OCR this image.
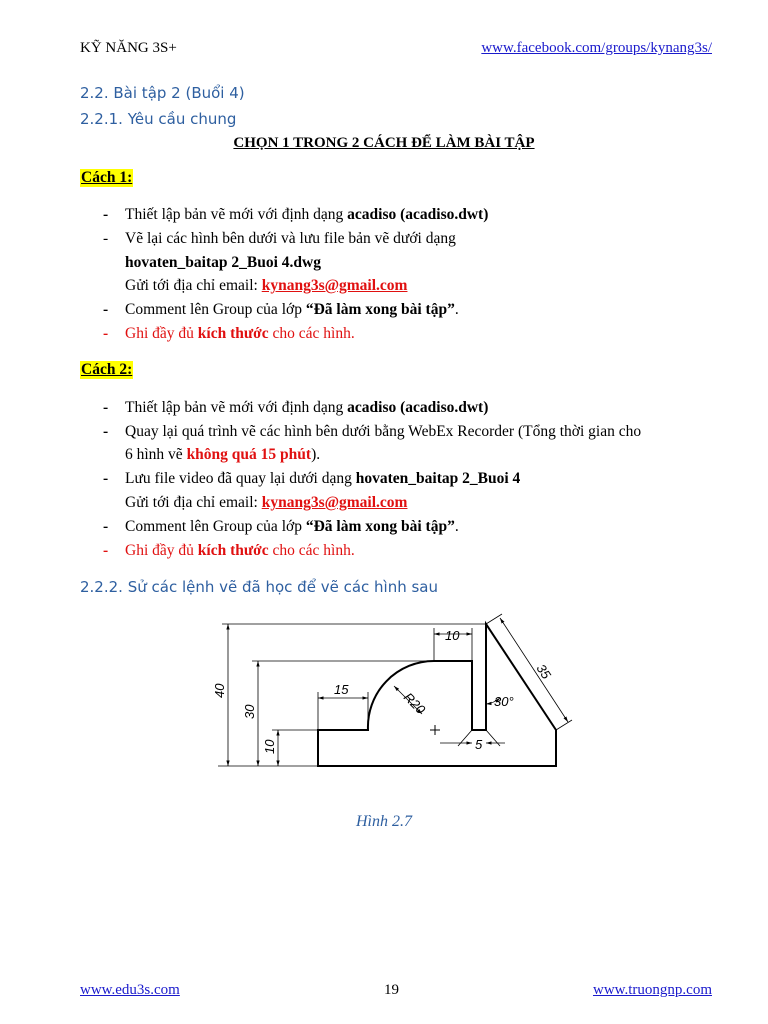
KỸ NĂNG 3S+	www.facebook.com/groups/kynang3s/
2.2. Bài tập 2 (Buổi 4)
2.2.1. Yêu cầu chung
CHỌN 1 TRONG 2 CÁCH ĐỂ LÀM BÀI TẬP
Cách 1:
- Thiết lập bản vẽ mới với định dạng acadiso (acadiso.dwt)
- Vẽ lại các hình bên dưới và lưu file bản vẽ dưới dạng
hovaten_baitap 2_Buoi 4.dwg
Gửi tới địa chỉ email: kynang3s@gmail.com
- Comment lên Group của lớp “Đã làm xong bài tập”.
- Ghi đầy đủ kích thước cho các hình.
Cách 2:
- Thiết lập bản vẽ mới với định dạng acadiso (acadiso.dwt)
- Quay lại quá trình vẽ các hình bên dưới bằng WebEx Recorder (Tổng thời gian cho
6 hình vẽ không quá 15 phút).
- Lưu file video đã quay lại dưới dạng hovaten_baitap 2_Buoi 4
Gửi tới địa chỉ email: kynang3s@gmail.com
- Comment lên Group của lớp “Đã làm xong bài tập”.
- Ghi đầy đủ kích thước cho các hình.
2.2.2. Sử các lệnh vẽ đã học để vẽ các hình sau
40
30
10
15
10
R20
5
30°
35
Hình 2.7
www.edu3s.com	19	www.truongnp.com
